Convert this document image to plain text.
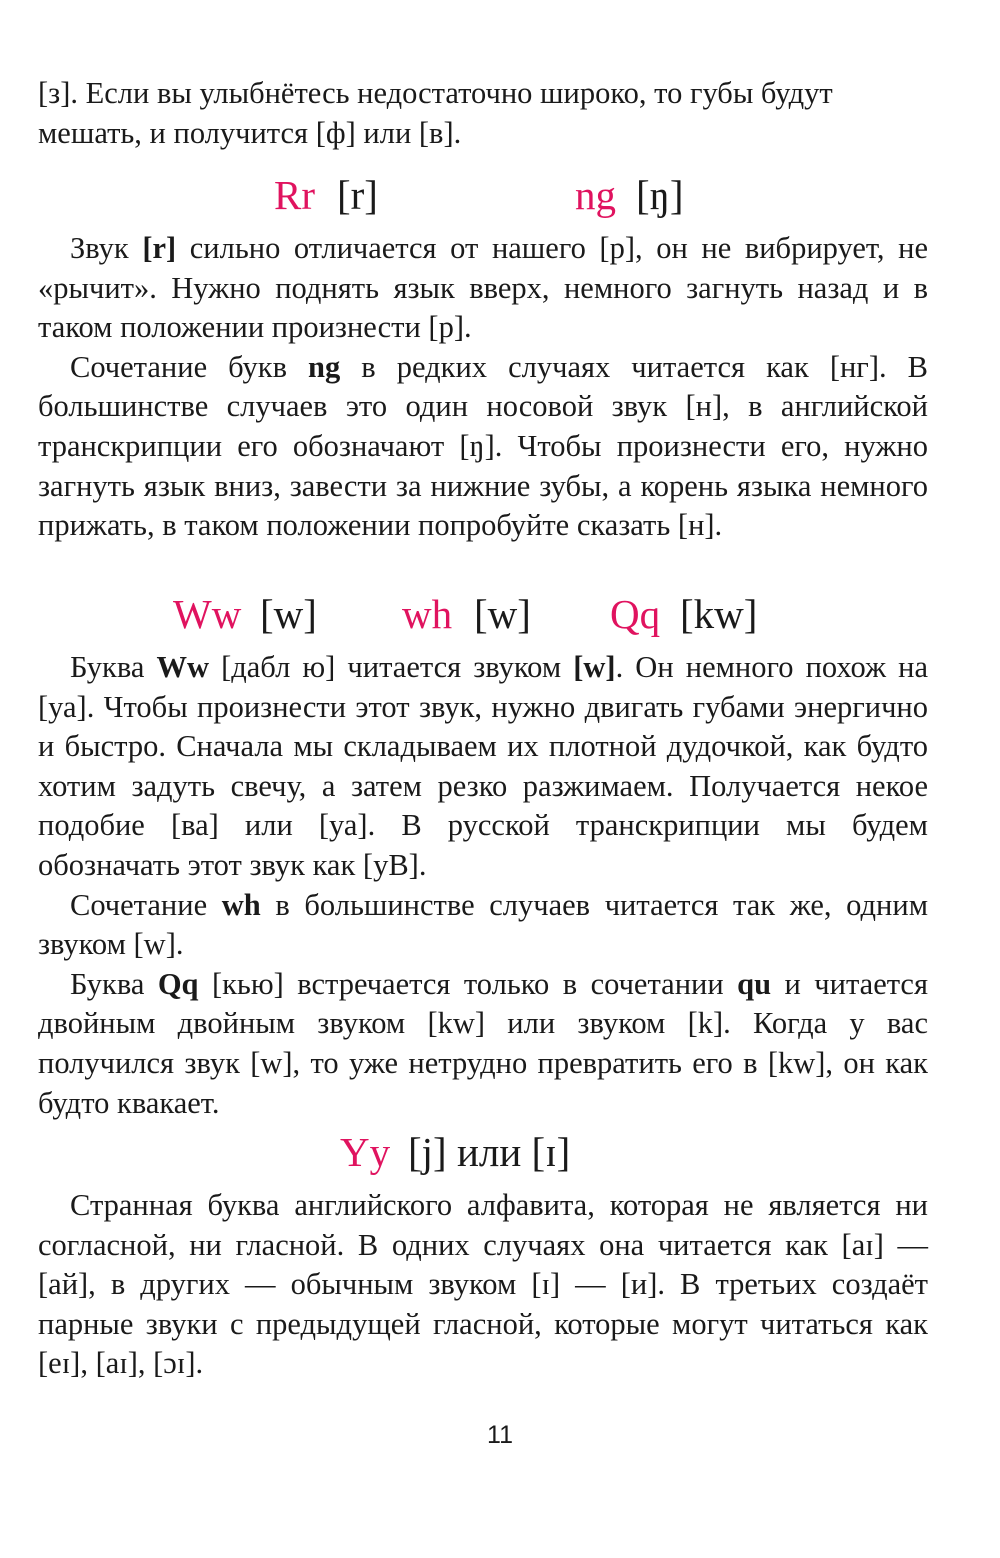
[з]. Если вы улыбнётесь недостаточно широко, то губы будут
мешать, и получится [ф] или [в].

Rr [r]	ng [ŋ]

Звук [r] сильно отличается от нашего [р], он не вибрирует, не «рычит». Нужно поднять язык вверх, немного загнуть назад и в таком положении произнести [р].

Сочетание букв ng в редких случаях читается как [нг]. В большинстве случаев это один носовой звук [н], в английской транскрипции его обозначают [ŋ]. Чтобы произнести его, нужно загнуть язык вниз, завести за нижние зубы, а корень языка немного прижать, в таком положении попробуйте сказать [н].

Ww [w] wh [w] Qq [kw]

Буква Ww [дабл ю] читается звуком [w]. Он немного похож на [уа]. Чтобы произнести этот звук, нужно двигать губами энергично и быстро. Сначала мы складываем их плотной дудочкой, как будто хотим задуть свечу, а затем резко разжимаем. Получается некое подобие [ва] или [уа]. В русской транскрипции мы будем обозначать этот звук как [уВ].

Сочетание wh в большинстве случаев читается так же, одним звуком [w].

Буква Qq [кью] встречается только в сочетании qu и читается двойным двойным звуком [kw] или звуком [k]. Когда у вас получился звук [w], то уже нетрудно превратить его в [kw], он как будто квакает.

Yy [j] или [ɪ]

Странная буква английского алфавита, которая не является ни согласной, ни гласной. В одних случаях она читается как [aɪ] — [ай], в других — обычным звуком [ɪ] — [и]. В третьих создаёт парные звуки с предыдущей гласной, которые могут читаться как [eɪ], [aɪ], [ɔɪ].

11
